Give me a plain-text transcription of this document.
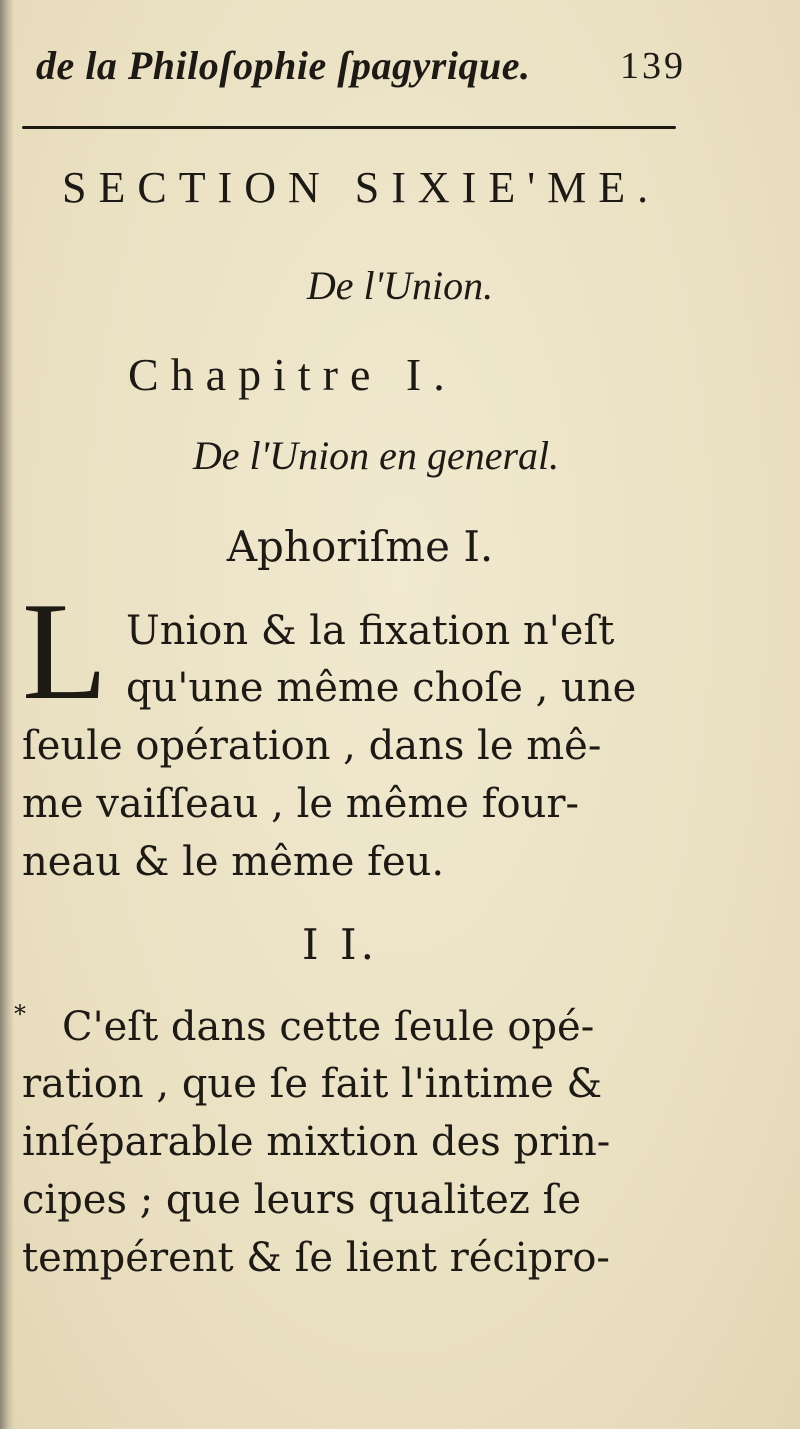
de la Philoſophie ſpagyrique. 139
SECTION SIXIE'ME.
De l'Union.
Chapitre I.
De l'Union en general.
Aphoriſme I.
L Union & la fixation n'eſt
qu'une même choſe , une
ſeule opération , dans le mê-
me vaiſſeau , le même four-
neau & le même feu.
I I.
* C'eſt dans cette ſeule opé-
ration , que ſe fait l'intime &
inſéparable mixtion des prin-
cipes ; que leurs qualitez ſe
tempérent & ſe lient récipro-
